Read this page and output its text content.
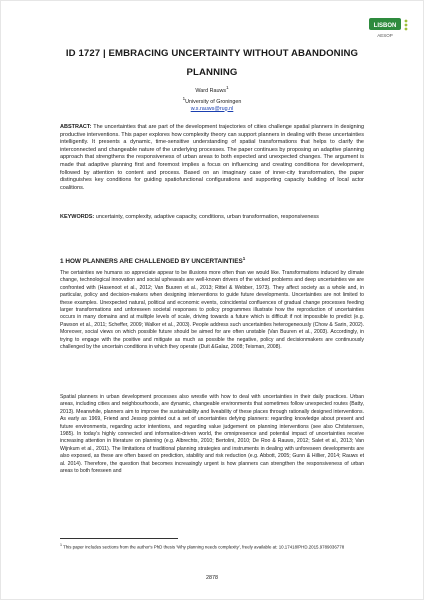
LISBON
AESOP
ID 1727 | EMBRACING UNCERTAINTY WITHOUT ABANDONING PLANNING
Ward Rauws$^1$
$^1$University of Groningen
w.s.rauws@rug.nl

ABSTRACT: The uncertainties that are part of the development trajectories of cities challenge spatial planners in designing productive interventions. This paper explores how complexity theory can support planners in dealing with these uncertainties intelligently. It presents a dynamic, time-sensitive understanding of spatial transformations that helps to clarify the interconnected and changeable nature of the underlying processes. The paper continues by proposing an adaptive planning approach that strengthens the responsiveness of urban areas to both expected and unexpected changes. The argument is made that adaptive planning first and foremost implies a focus on influencing and creating conditions for development, followed by attention to content and process. Based on an imaginary case of inner-city transformation, the paper distinguishes key conditions for guiding spatiofunctional configurations and supporting capacity building of local actor coalitions.

KEYWORDS: uncertainty, complexity, adaptive capacity, conditions, urban transformation, responsiveness

1 HOW PLANNERS ARE CHALLENGED BY UNCERTAINTIES$^1$

The certainties we humans so appreciate appear to be illusions more often than we would like. Transformations induced by climate change, technological innovation and social upheavals are well-known drivers of the wicked problems and deep uncertainties we are confronted with (Hasenoot et al., 2012; Van Buuren et al., 2013; Rittel & Webber, 1973). They affect society as a whole and, in particular, policy and decision-makers when designing interventions to guide future developments. Uncertainties are not limited to these examples. Unexpected natural, political and economic events, coincidental confluences of gradual change processes feeding larger transformations and unforeseen societal responses to policy programmes illustrate how the reproduction of uncertainties occurs in many domains and at multiple levels of scale, driving towards a future which is difficult if not impossible to predict (e.g. Pawson et al., 2011; Scheffer, 2009; Walker et al., 2003). People address such uncertainties heterogeneously (Chow & Sarin, 2002). Moreover, social views on which possible future should be aimed for are often unstable (Van Buuren et al., 2003). Accordingly, in trying to engage with the positive and mitigate as much as possible the negative, policy and decisionmakers are continuously challenged by the uncertain conditions in which they operate (Duit &Galaz, 2008; Teisman, 2008).

Spatial planners in urban development processes also wrestle with how to deal with uncertainties in their daily practices. Urban areas, including cities and neighbourhoods, are dynamic, changeable environments that sometimes follow unexpected routes (Batty, 2013). Meanwhile, planners aim to improve the sustainability and liveability of these places through rationally designed interventions. As early as 1969, Friend and Jessop pointed out a set of uncertainties defying planners: regarding knowledge about present and future environments, regarding actor intentions, and regarding value judgement on planning interventions (see also Christensen, 1985). In today's highly connected and information-driven world, the omnipresence and potential impact of uncertainties receive increasing attention in literature on planning (e.g. Albrechts, 2010; Bertolini, 2010; De Roo & Rauws, 2012; Salet et al., 2013; Van Wijnkum et al., 2011). The limitations of traditional planning strategies and instruments in dealing with unforeseen developments are also exposed, as these are often based on prediction, stability and risk reduction (e.g. Abbott, 2005; Gunn & Hillier, 2014; Rauws et al. 2014). Therefore, the question that becomes increasingly urgent is how planners can strengthen the responsiveness of urban areas to both foreseen and

$^1$ This paper includes sections from the author's PhD thesis 'Why planning needs complexity', freely available at: 10.17418/PHD.2015.9789036778

2878
